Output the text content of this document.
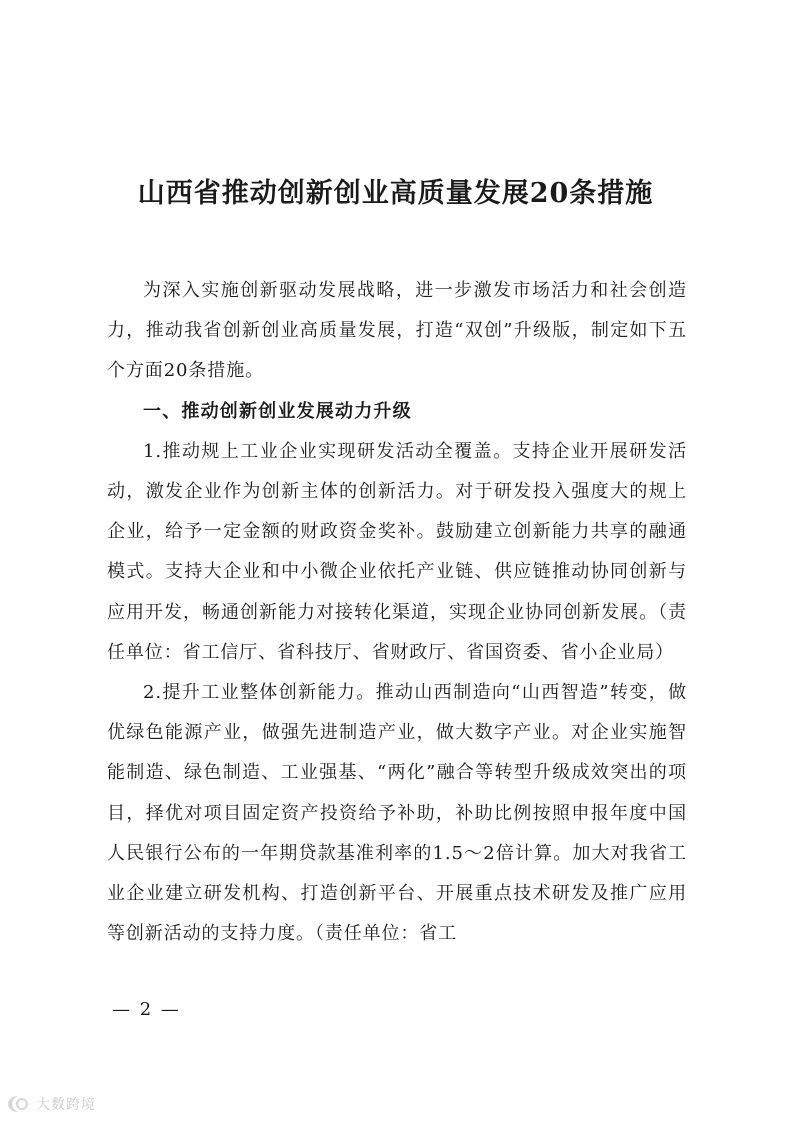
山西省推动创新创业高质量发展20条措施

为深入实施创新驱动发展战略，进一步激发市场活力和社会创造力，推动我省创新创业高质量发展，打造“双创”升级版，制定如下五个方面20条措施。

一、推动创新创业发展动力升级

1.推动规上工业企业实现研发活动全覆盖。支持企业开展研发活动，激发企业作为创新主体的创新活力。对于研发投入强度大的规上企业，给予一定金额的财政资金奖补。鼓励建立创新能力共享的融通模式。支持大企业和中小微企业依托产业链、供应链推动协同创新与应用开发，畅通创新能力对接转化渠道，实现企业协同创新发展。（责任单位：省工信厅、省科技厅、省财政厅、省国资委、省小企业局）

2.提升工业整体创新能力。推动山西制造向“山西智造”转变，做优绿色能源产业，做强先进制造产业，做大数字产业。对企业实施智能制造、绿色制造、工业强基、“两化”融合等转型升级成效突出的项目，择优对项目固定资产投资给予补助，补助比例按照申报年度中国人民银行公布的一年期贷款基准利率的1.5～2倍计算。加大对我省工业企业建立研发机构、打造创新平台、开展重点技术研发及推广应用等创新活动的支持力度。（责任单位：省工

— 2 —
大数跨境
